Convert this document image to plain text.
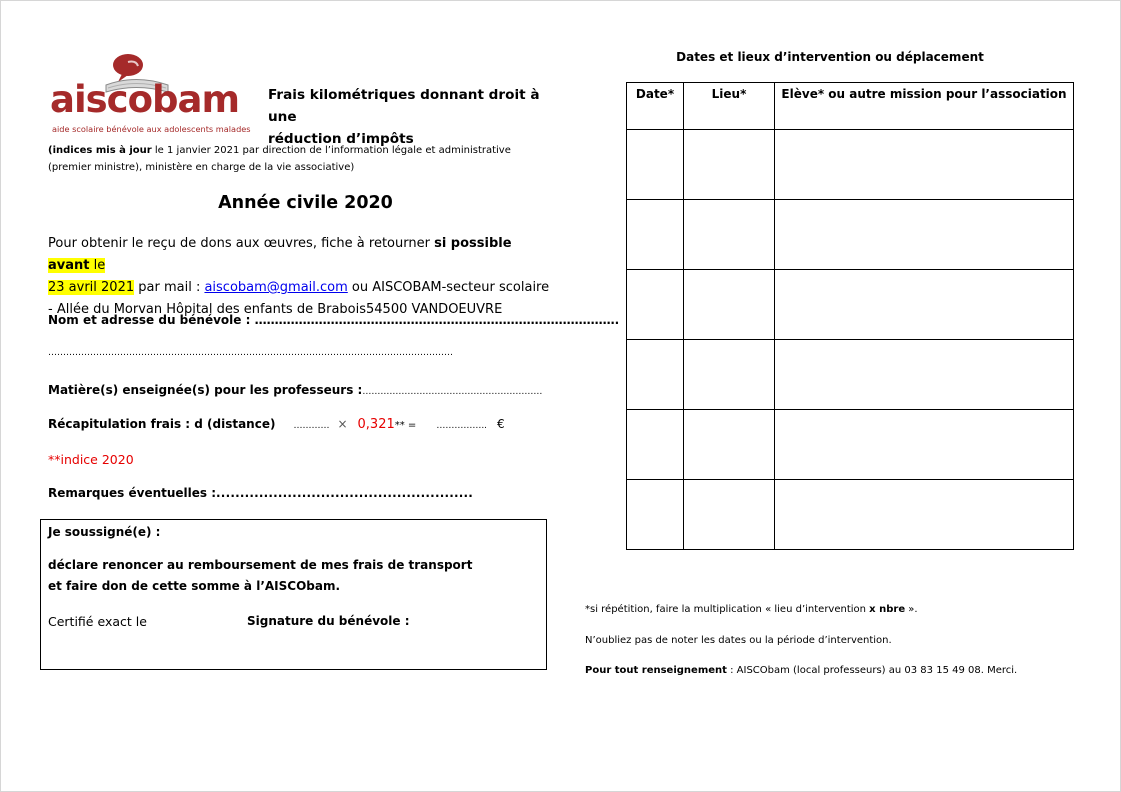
aiscobam
aide scolaire bénévole aux adolescents malades
Frais kilométriques donnant droit à une
réduction d’impôts
(indices mis à jour le 1 janvier 2021 par direction de l’information légale et administrative (premier ministre), ministère en charge de la vie associative)
Année civile 2020
Pour obtenir le reçu de dons aux œuvres, fiche à retourner si possible avant le
23 avril 2021 par mail : aiscobam@gmail.com ou AISCOBAM-secteur scolaire - Allée du Morvan Hôpital des enfants de Brabois54500 VANDOEUVRE
Nom et adresse du bénévole : ……………………………………………………………………………….
………………………………………………………………………………………………………………………
Matière(s) enseignée(s) pour les professeurs :……………………………………………………
Récapitulation frais : d (distance) ………… × 0,321** = …………….. €
**indice 2020
Remarques éventuelles :......................................................
Je soussigné(e) :
déclare renoncer au remboursement de mes frais de transport
et faire don de cette somme à l’AISCObam.
Certifié exact le	Signature du bénévole :
Dates et lieux d’intervention ou déplacement
Date*	Lieu*	Elève* ou autre mission pour l’association

*si répétition, faire la multiplication « lieu d’intervention x nbre ».
N’oubliez pas de noter les dates ou la période d’intervention.
Pour tout renseignement : AISCObam (local professeurs) au 03 83 15 49 08. Merci.
